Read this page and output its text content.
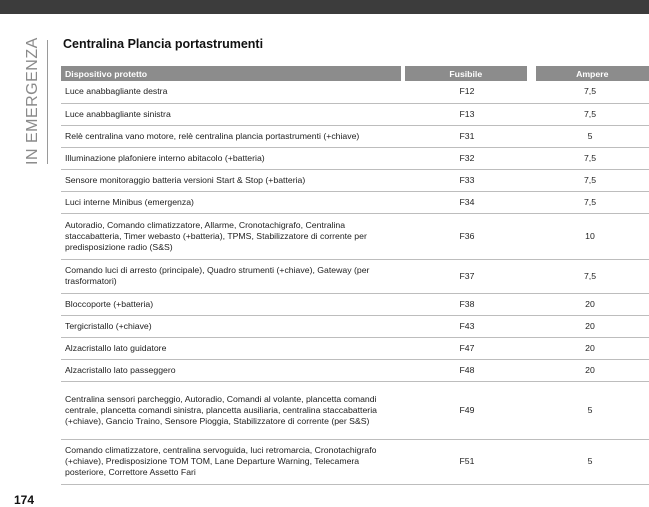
IN EMERGENZA Centralina Plancia portastrumenti
Dispositivo protetto	Fusibile	Ampere
Luce anabbagliante destra	F12	7,5
Luce anabbagliante sinistra	F13	7,5
Relè centralina vano motore, relè centralina plancia portastrumenti (+chiave)	F31	5
Illuminazione plafoniere interno abitacolo (+batteria)	F32	7,5
Sensore monitoraggio batteria versioni Start & Stop (+batteria)	F33	7,5
Luci interne Minibus (emergenza)	F34	7,5
Autoradio, Comando climatizzatore, Allarme, Cronotachigrafo, Centralina staccabatteria, Timer webasto (+batteria), TPMS, Stabilizzatore di corrente per predisposizione radio (S&S)	F36	10
Comando luci di arresto (principale), Quadro strumenti (+chiave), Gateway (per trasformatori)	F37	7,5
Bloccoporte (+batteria)	F38	20
Tergicristallo (+chiave)	F43	20
Alzacristallo lato guidatore	F47	20
Alzacristallo lato passeggero	F48	20
Centralina sensori parcheggio, Autoradio, Comandi al volante, plancetta comandi centrale, plancetta comandi sinistra, plancetta ausiliaria, centralina staccabatteria (+chiave), Gancio Traino, Sensore Pioggia, Stabilizzatore di corrente (per S&S)	F49	5
Comando climatizzatore, centralina servoguida, luci retromarcia, Cronotachigrafo (+chiave), Predisposizione TOM TOM, Lane Departure Warning, Telecamera posteriore, Correttore Assetto Fari	F51	5
174
